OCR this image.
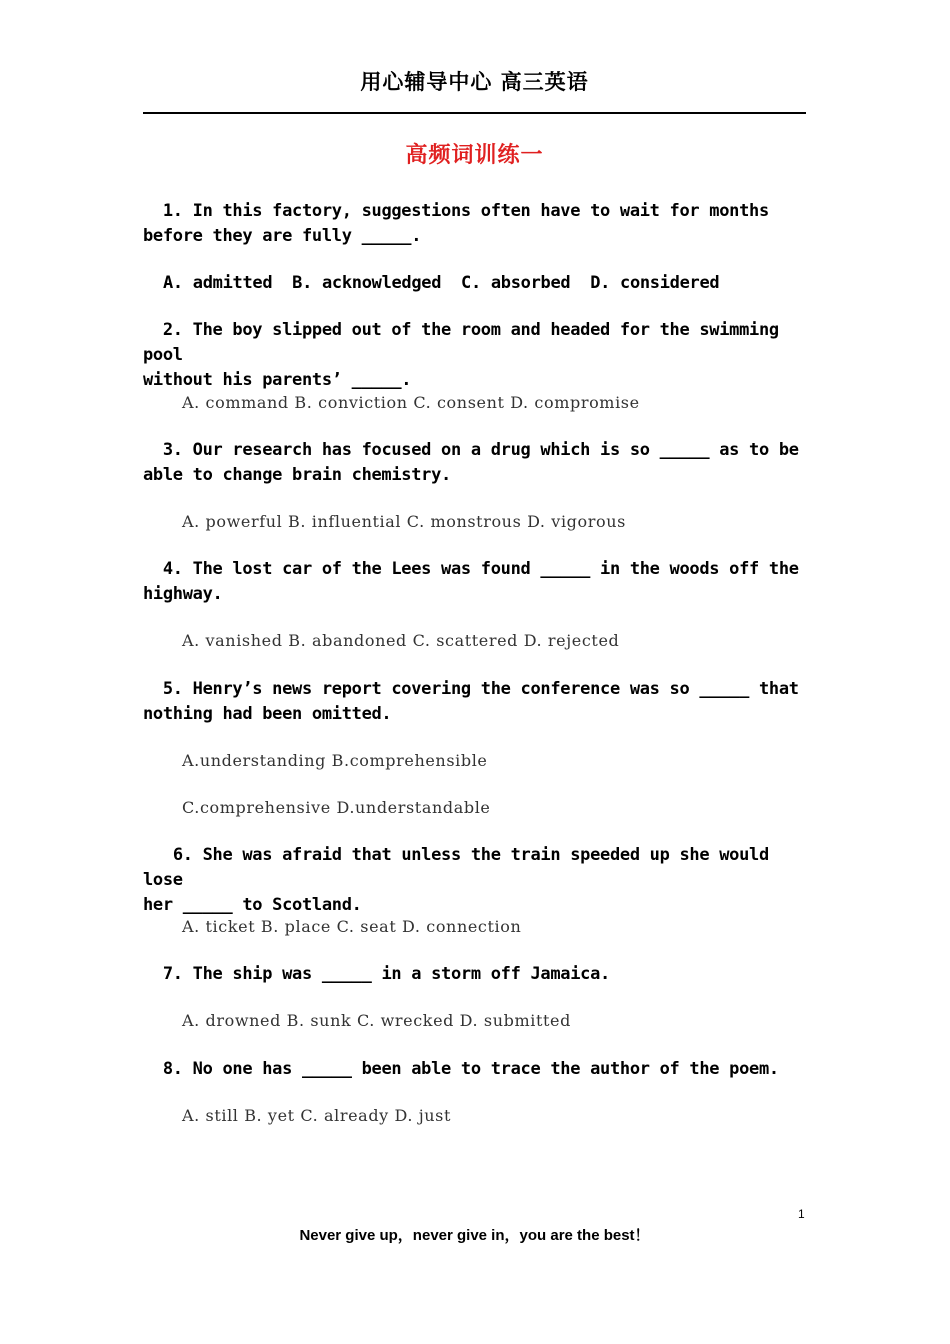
用心辅导中心 高三英语
高频词训练一
1. In this factory, suggestions often have to wait for months
before they are fully _____.
A. admitted  B. acknowledged  C. absorbed  D. considered
2. The boy slipped out of the room and headed for the swimming pool
without his parents’ _____.
A. command B. conviction C. consent D. compromise
3. Our research has focused on a drug which is so _____ as to be
able to change brain chemistry.
A. powerful B. influential C. monstrous D. vigorous
4. The lost car of the Lees was found _____ in the woods off the
highway.
A. vanished B. abandoned C. scattered D. rejected
5. Henry’s news report covering the conference was so _____ that
nothing had been omitted.
A.understanding B.comprehensible
C.comprehensive D.understandable
6. She was afraid that unless the train speeded up she would lose
her _____ to Scotland.
A. ticket B. place C. seat D. connection
7. The ship was _____ in a storm off Jamaica.
A. drowned B. sunk C. wrecked D. submitted
8. No one has _____ been able to trace the author of the poem.
A. still B. yet C. already D. just
1
Never give up，never give in，you are the best！
